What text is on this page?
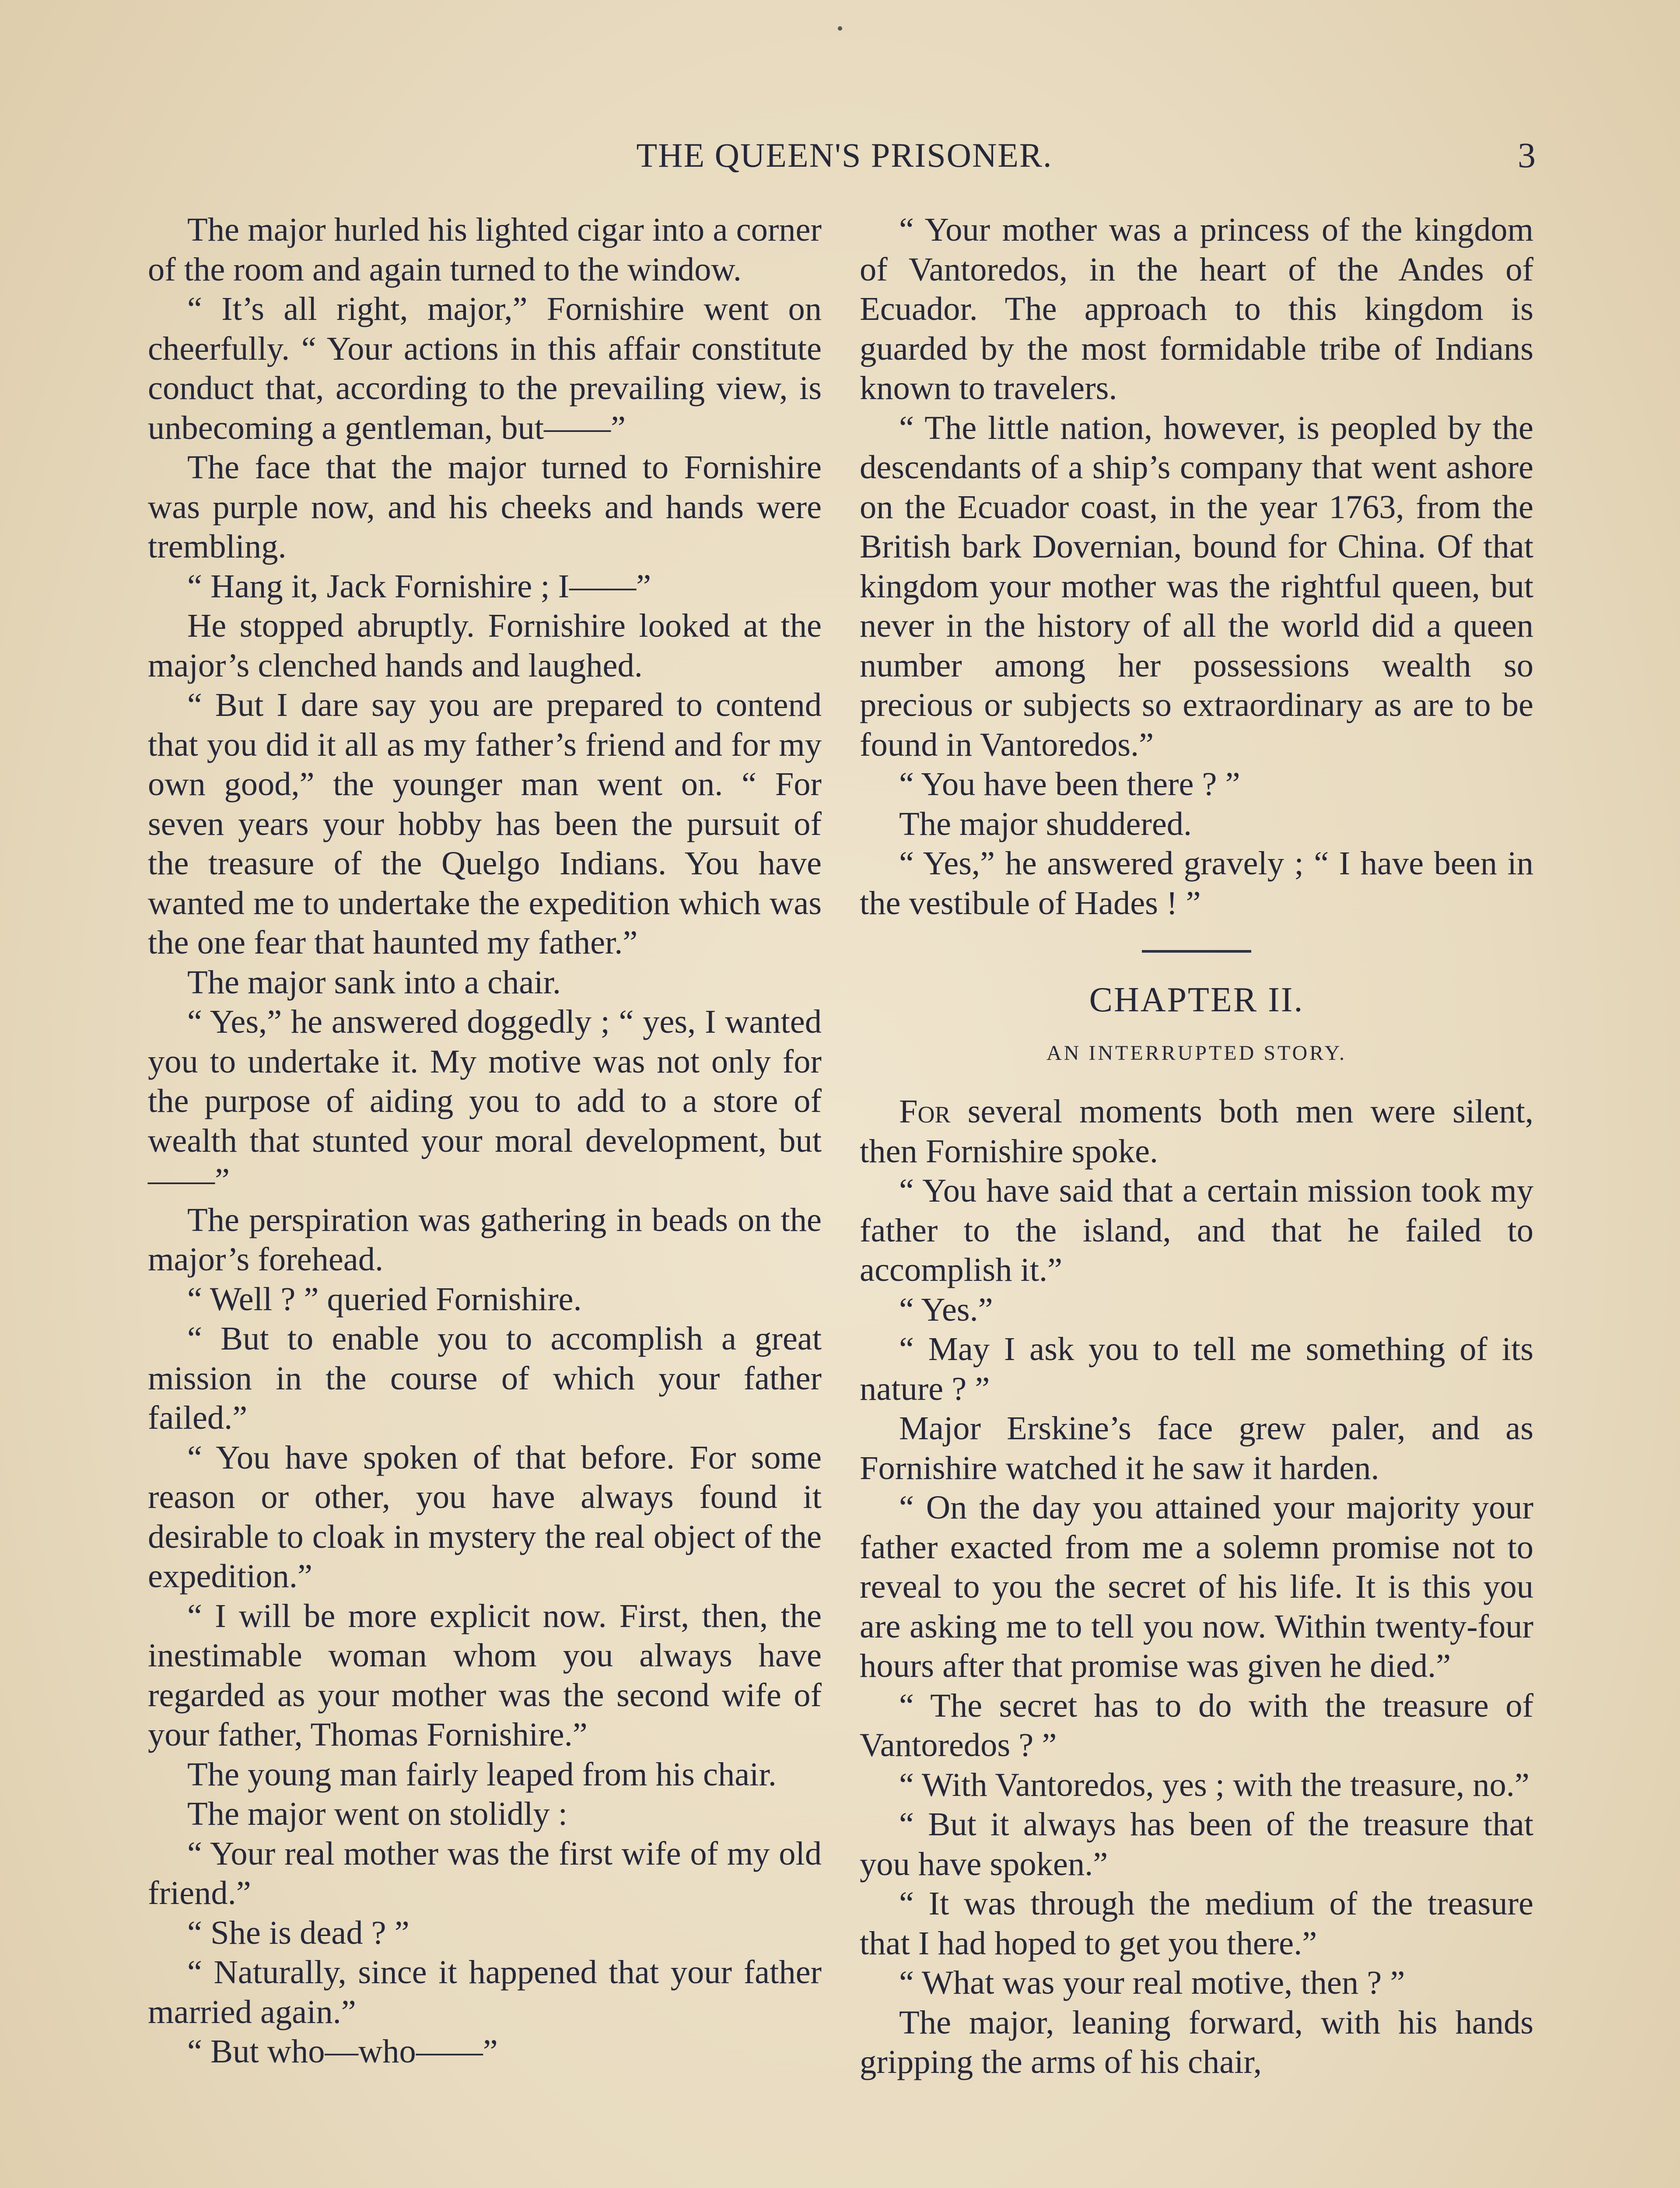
THE QUEEN'S PRISONER.	3

The major hurled his lighted cigar into a corner of the room and again turned to the window.

“ It’s all right, major,” Fornishire went on cheerfully. “ Your actions in this affair constitute conduct that, according to the prevailing view, is unbecoming a gentleman, but——”

The face that the major turned to Fornishire was purple now, and his cheeks and hands were trembling.

“ Hang it, Jack Fornishire ; I——”

He stopped abruptly. Fornishire looked at the major’s clenched hands and laughed.

“ But I dare say you are prepared to contend that you did it all as my father’s friend and for my own good,” the younger man went on. “ For seven years your hobby has been the pursuit of the treasure of the Quelgo Indians. You have wanted me to undertake the expedition which was the one fear that haunted my father.”

The major sank into a chair.

“ Yes,” he answered doggedly ; “ yes, I wanted you to undertake it. My motive was not only for the purpose of aiding you to add to a store of wealth that stunted your moral development, but——”

The perspiration was gathering in beads on the major’s forehead.

“ Well ? ” queried Fornishire.

“ But to enable you to accomplish a great mission in the course of which your father failed.”

“ You have spoken of that before. For some reason or other, you have always found it desirable to cloak in mystery the real object of the expedition.”

“ I will be more explicit now. First, then, the inestimable woman whom you always have regarded as your mother was the second wife of your father, Thomas Fornishire.”

The young man fairly leaped from his chair.

The major went on stolidly :

“ Your real mother was the first wife of my old friend.”

“ She is dead ? ”

“ Naturally, since it happened that your father married again.”

“ But who—who——”

“ Your mother was a princess of the kingdom of Vantoredos, in the heart of the Andes of Ecuador. The approach to this kingdom is guarded by the most formidable tribe of Indians known to travelers.

“ The little nation, however, is peopled by the descendants of a ship’s company that went ashore on the Ecuador coast, in the year 1763, from the British bark Dovernian, bound for China. Of that kingdom your mother was the rightful queen, but never in the history of all the world did a queen number among her possessions wealth so precious or subjects so extraordinary as are to be found in Vantoredos.”

“ You have been there ? ”

The major shuddered.

“ Yes,” he answered gravely ; “ I have been in the vestibule of Hades ! ”

CHAPTER II.
AN INTERRUPTED STORY.

For several moments both men were silent, then Fornishire spoke.

“ You have said that a certain mission took my father to the island, and that he failed to accomplish it.”

“ Yes.”

“ May I ask you to tell me something of its nature ? ”

Major Erskine’s face grew paler, and as Fornishire watched it he saw it harden.

“ On the day you attained your majority your father exacted from me a solemn promise not to reveal to you the secret of his life. It is this you are asking me to tell you now. Within twenty-four hours after that promise was given he died.”

“ The secret has to do with the treasure of Vantoredos ? ”

“ With Vantoredos, yes ; with the treasure, no.”

“ But it always has been of the treasure that you have spoken.”

“ It was through the medium of the treasure that I had hoped to get you there.”

“ What was your real motive, then ? ”

The major, leaning forward, with his hands gripping the arms of his chair,
